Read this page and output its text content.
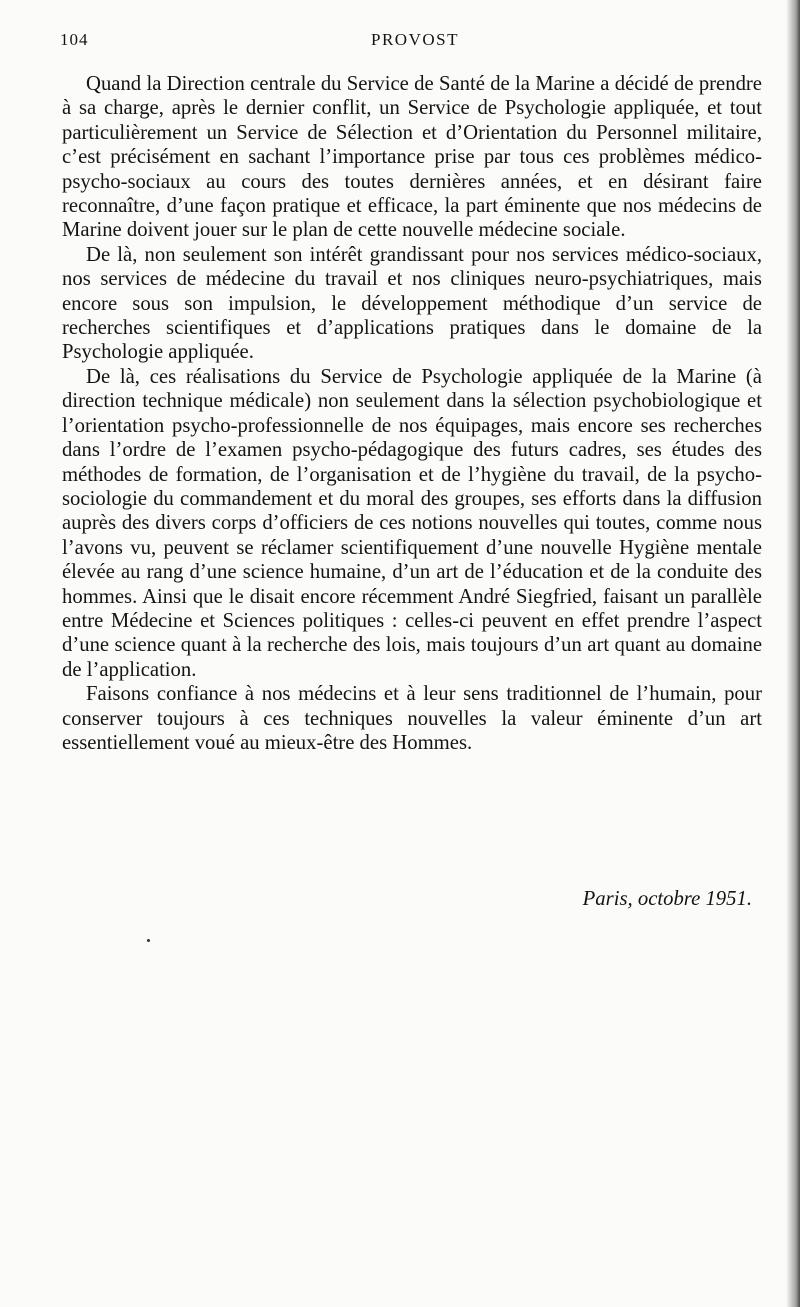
104	PROVOST

Quand la Direction centrale du Service de Santé de la Marine a décidé de prendre à sa charge, après le dernier conflit, un Service de Psychologie appliquée, et tout particulièrement un Service de Sélection et d’Orientation du Personnel militaire, c’est précisément en sachant l’importance prise par tous ces problèmes médico-psycho-sociaux au cours des toutes dernières années, et en désirant faire reconnaître, d’une façon pratique et efficace, la part éminente que nos médecins de Marine doivent jouer sur le plan de cette nouvelle médecine sociale.

De là, non seulement son intérêt grandissant pour nos services médico-sociaux, nos services de médecine du travail et nos cliniques neuro-psychiatriques, mais encore sous son impulsion, le développement méthodique d’un service de recherches scientifiques et d’applications pratiques dans le domaine de la Psychologie appliquée.

De là, ces réalisations du Service de Psychologie appliquée de la Marine (à direction technique médicale) non seulement dans la sélection psychobiologique et l’orientation psycho-professionnelle de nos équipages, mais encore ses recherches dans l’ordre de l’examen psycho-pédagogique des futurs cadres, ses études des méthodes de formation, de l’organisation et de l’hygiène du travail, de la psycho-sociologie du commandement et du moral des groupes, ses efforts dans la diffusion auprès des divers corps d’officiers de ces notions nouvelles qui toutes, comme nous l’avons vu, peuvent se réclamer scientifiquement d’une nouvelle Hygiène mentale élevée au rang d’une science humaine, d’un art de l’éducation et de la conduite des hommes. Ainsi que le disait encore récemment André Siegfried, faisant un parallèle entre Médecine et Sciences politiques : celles-ci peuvent en effet prendre l’aspect d’une science quant à la recherche des lois, mais toujours d’un art quant au domaine de l’application.

Faisons confiance à nos médecins et à leur sens traditionnel de l’humain, pour conserver toujours à ces techniques nouvelles la valeur éminente d’un art essentiellement voué au mieux-être des Hommes.

Paris, octobre 1951.
